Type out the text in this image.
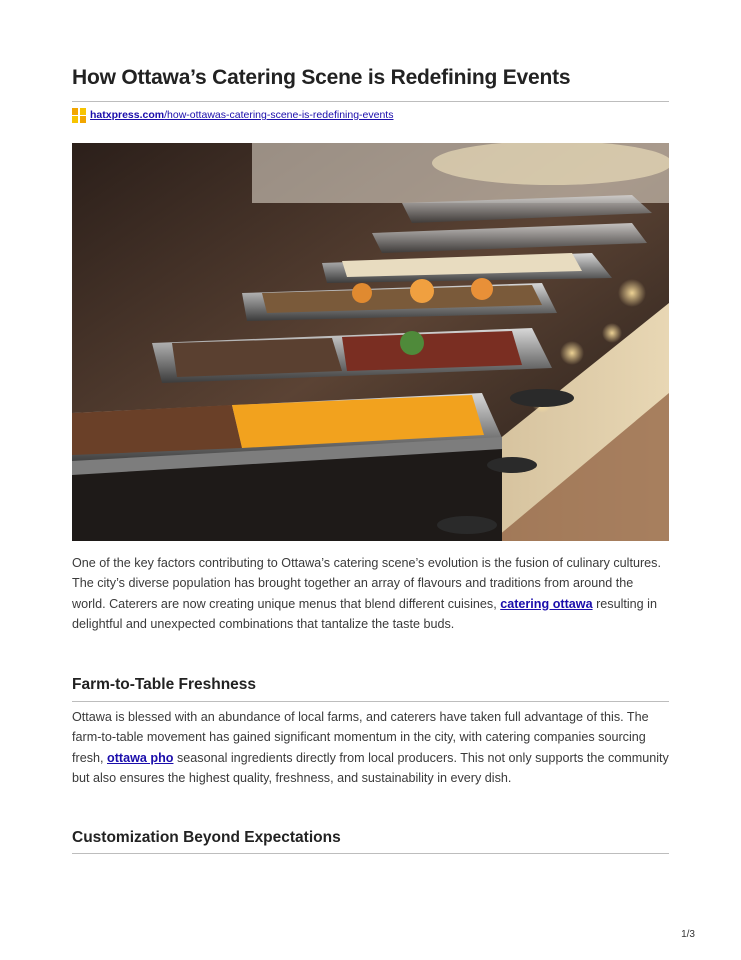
How Ottawa’s Catering Scene is Redefining Events
hatxpress.com/how-ottawas-catering-scene-is-redefining-events

One of the key factors contributing to Ottawa’s catering scene’s evolution is the fusion of culinary cultures. The city’s diverse population has brought together an array of flavours and traditions from around the world. Caterers are now creating unique menus that blend different cuisines, catering ottawa resulting in delightful and unexpected combinations that tantalize the taste buds.

Farm-to-Table Freshness

Ottawa is blessed with an abundance of local farms, and caterers have taken full advantage of this. The farm-to-table movement has gained significant momentum in the city, with catering companies sourcing fresh, ottawa pho seasonal ingredients directly from local producers. This not only supports the community but also ensures the highest quality, freshness, and sustainability in every dish.

Customization Beyond Expectations
1/3
